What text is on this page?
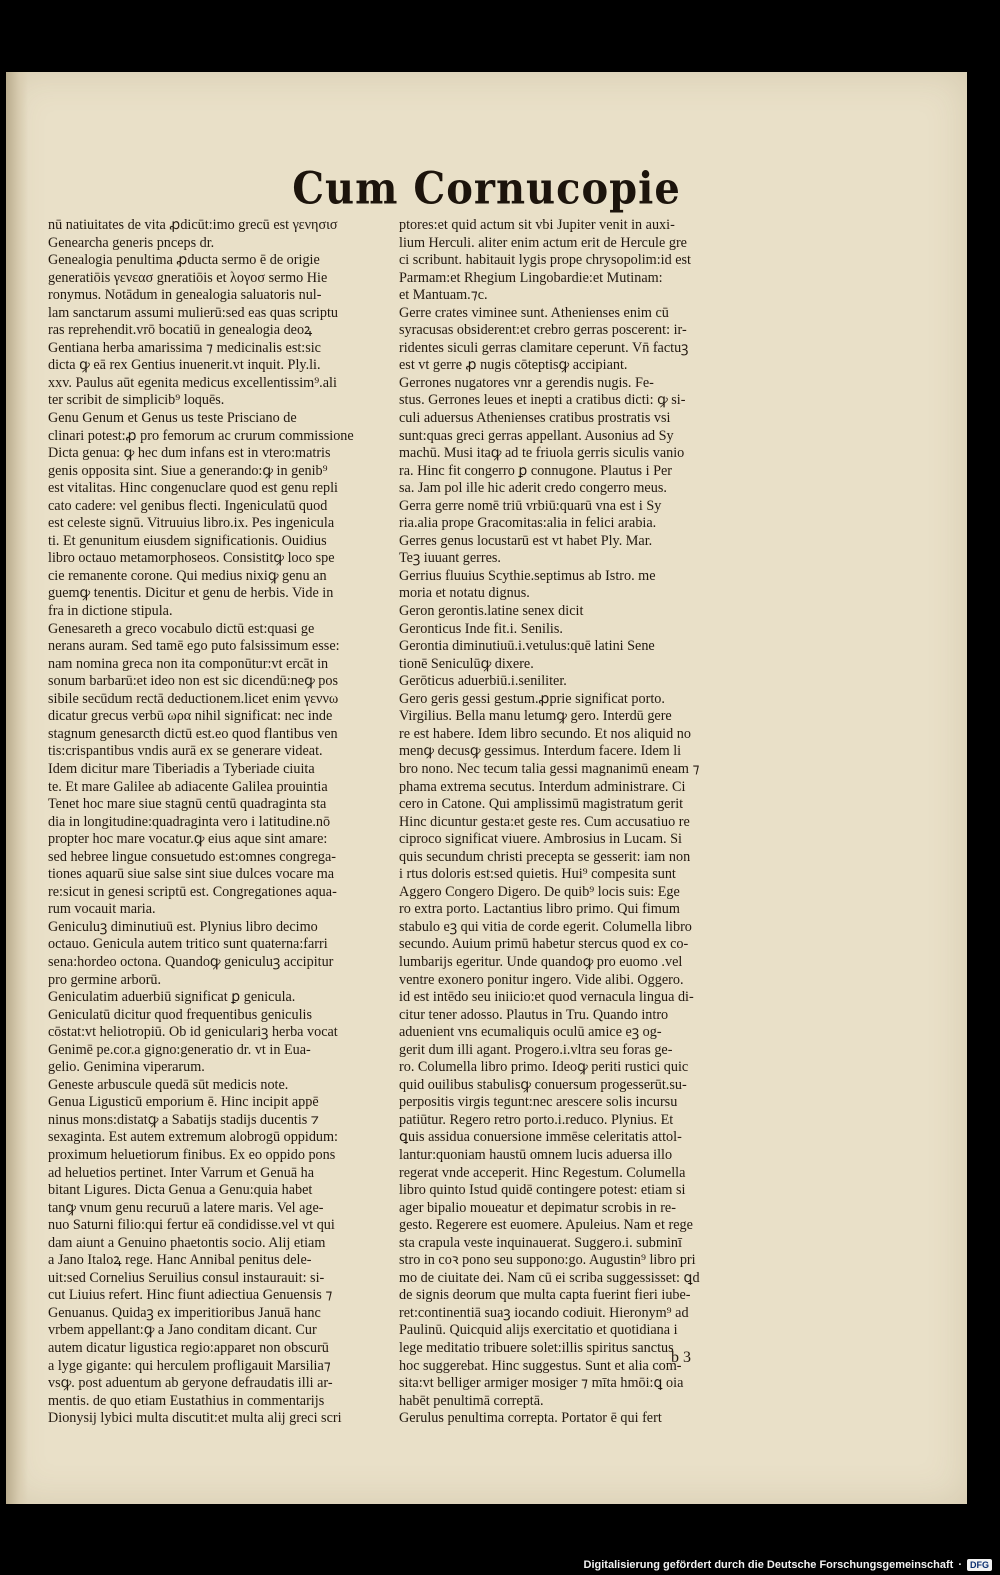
Cum Cornucopie
nū natiuitates de vita ꝓdicūt:imo grecū est γενησισ
Genearcha generis pnceps dr.
Genealogia penultima ꝓducta sermo ē de origie
generatiōis γενεασ gneratiōis et λογοσ sermo Hie
ronymus. Notādum in genealogia saluatoris nul-
lam sanctarum assumi mulierū:sed eas quas scriptu
ras reprehendit.vrō bocatiū in genealogia deoꝝ
Gentiana herba amarissima ⁊ medicinalis est:sic
dicta ꝙ eā rex Gentius inuenerit.vt inquit. Ply.li.
xxv. Paulus aūt egenita medicus excellentissim⁹.ali
ter scribit de simplicib⁹ loquēs.
Genu Genum et Genus us teste Prisciano de
clinari potest:ꝓ pro femorum ac crurum commissione
Dicta genua: ꝙ hec dum infans est in vtero:matris
genis opposita sint. Siue a generando:ꝙ in genib⁹
est vitalitas. Hinc congenuclare quod est genu repli
cato cadere: vel genibus flecti. Ingeniculatū quod
est celeste signū. Vitruuius libro.ix. Pes ingenicula
ti. Et genunitum eiusdem significationis. Ouidius
libro octauo metamorphoseos. Consistitꝙ loco spe
cie remanente corone. Qui medius nixiꝙ genu an
guemꝙ tenentis. Dicitur et genu de herbis. Vide in
fra in dictione stipula.
Genesareth a greco vocabulo dictū est:quasi ge
nerans auram. Sed tamē ego puto falsissimum esse:
nam nomina greca non ita componūtur:vt ercāt in
sonum barbarū:et ideo non est sic dicendū:neꝙ pos
sibile secūdum rectā deductionem.licet enim γεννω
dicatur grecus verbū ωρα nihil significat: nec inde
stagnum genesarcth dictū est.eo quod flantibus ven
tis:crispantibus vndis aurā ex se generare videat.
Idem dicitur mare Tiberiadis a Tyberiade ciuita
te. Et mare Galilee ab adiacente Galilea prouintia
Tenet hoc mare siue stagnū centū quadraginta sta
dia in longitudine:quadraginta vero i latitudine.nō
propter hoc mare vocatur.ꝙ eius aque sint amare:
sed hebree lingue consuetudo est:omnes congrega-
tiones aquarū siue salse sint siue dulces vocare ma
re:sicut in genesi scriptū est. Congregationes aqua-
rum vocauit maria.
Geniculuꝫ diminutiuū est. Plynius libro decimo
octauo. Genicula autem tritico sunt quaterna:farri
sena:hordeo octona. Quandoꝙ geniculuꝫ accipitur
pro germine arborū.
Geniculatim aduerbiū significat ꝑ genicula.
Geniculatū dicitur quod frequentibus geniculis
cōstat:vt heliotropiū. Ob id geniculariꝫ herba vocat
Genimē pe.cor.a gigno:generatio dr. vt in Eua-
gelio. Genimina viperarum.
Geneste arbuscule quedā sūt medicis note.
Genua Ligusticū emporium ē. Hinc incipit appē
ninus mons:distatꝙ a Sabatijs stadijs ducentis ⁊
sexaginta. Est autem extremum alobrogū oppidum:
proximum heluetiorum finibus. Ex eo oppido pons
ad heluetios pertinet. Inter Varrum et Genuā ha
bitant Ligures. Dicta Genua a Genu:quia habet
tanꝙ vnum genu recuruū a latere maris. Vel age-
nuo Saturni filio:qui fertur eā condidisse.vel vt qui
dam aiunt a Genuino phaetontis socio. Alij etiam
a Jano Italoꝝ rege. Hanc Annibal penitus dele-
uit:sed Cornelius Seruilius consul instaurauit: si-
cut Liuius refert. Hinc fiunt adiectiua Genuensis ⁊
Genuanus. Quidaꝫ ex imperitioribus Januā hanc
vrbem appellant:ꝙ a Jano conditam dicant. Cur
autem dicatur ligustica regio:apparet non obscurū
a lyge gigante: qui herculem profligauit Marsilia⁊
vsꝙ. post aduentum ab geryone defraudatis illi ar-
mentis. de quo etiam Eustathius in commentarijs
Dionysij lybici multa discutit:et multa alij greci scri
ptores:et quid actum sit vbi Jupiter venit in auxi-
lium Herculi. aliter enim actum erit de Hercule gre
ci scribunt. habitauit lygis prope chrysopolim:id est
Parmam:et Rhegium Lingobardie:et Mutinam:
et Mantuam.⁊c.
Gerre crates viminee sunt. Athenienses enim cū
syracusas obsiderent:et crebro gerras poscerent: ir-
ridentes siculi gerras clamitare ceperunt. Vn̄ factuꝫ
est vt gerre ꝓ nugis cōteptisꝙ accipiant.
Gerrones nugatores vnr a gerendis nugis. Fe-
stus. Gerrones leues et inepti a cratibus dicti: ꝙ si-
culi aduersus Athenienses cratibus prostratis vsi
sunt:quas greci gerras appellant. Ausonius ad Sy
machū. Musi itaꝙ ad te friuola gerris siculis vanio
ra. Hinc fit congerro ꝑ connugone. Plautus i Per
sa. Jam pol ille hic aderit credo congerro meus.
Gerra gerre nomē triū vrbiū:quarū vna est i Sy
ria.alia prope Gracomitas:alia in felici arabia.
Gerres genus locustarū est vt habet Ply. Mar.
Teꝫ iuuant gerres.
Gerrius fluuius Scythie.septimus ab Istro. me
moria et notatu dignus.
Geron gerontis.latine senex dicit
Geronticus Inde fit.i. Senilis.
Gerontia diminutiuū.i.vetulus:quē latini Sene
tionē Seniculūꝙ dixere.
Gerōticus aduerbiū.i.seniliter.
Gero geris gessi gestum.ꝓprie significat porto.
Virgilius. Bella manu letumꝙ gero. Interdū gere
re est habere. Idem libro secundo. Et nos aliquid no
menꝙ decusꝙ gessimus. Interdum facere. Idem li
bro nono. Nec tecum talia gessi magnanimū eneam ⁊
phama extrema secutus. Interdum administrare. Ci
cero in Catone. Qui amplissimū magistratum gerit
Hinc dicuntur gesta:et geste res. Cum accusatiuo re
ciproco significat viuere. Ambrosius in Lucam. Si
quis secundum christi precepta se gesserit: iam non
i rtus doloris est:sed quietis. Hui⁹ compesita sunt
Aggero Congero Digero. De quib⁹ locis suis: Ege
ro extra porto. Lactantius libro primo. Qui fimum
stabulo eꝫ qui vitia de corde egerit. Columella libro
secundo. Auium primū habetur stercus quod ex co-
lumbarijs egeritur. Unde quandoꝙ pro euomo .vel
ventre exonero ponitur ingero. Vide alibi. Oggero.
id est intēdo seu iniicio:et quod vernacula lingua di-
citur tener adosso. Plautus in Tru. Quando intro
aduenient vns ecumaliquis oculū amice eꝫ og-
gerit dum illi agant. Progero.i.vltra seu foras ge-
ro. Columella libro primo. Ideoꝙ periti rustici quic
quid ouilibus stabulisꝙ conuersum progesserūt.su-
perpositis virgis tegunt:nec arescere solis incursu
patiūtur. Regero retro porto.i.reduco. Plynius. Et
ꝗuis assidua conuersione immēse celeritatis attol-
lantur:quoniam haustū omnem lucis aduersa illo
regerat vnde acceperit. Hinc Regestum. Columella
libro quinto Istud quidē contingere potest: etiam si
ager bipalio moueatur et depimatur scrobis in re-
gesto. Regerere est euomere. Apuleius. Nam et rege
sta crapula veste inquinauerat. Suggero.i. subminī
stro in coꝛ pono seu suppono:go. Augustin⁹ libro pri
mo de ciuitate dei. Nam cū ei scriba suggessisset: ꝗd
de signis deorum que multa capta fuerint fieri iube-
ret:continentiā suaꝫ iocando codiuit. Hieronym⁹ ad
Paulinū. Quicquid alijs exercitatio et quotidiana i
lege meditatio tribuere solet:illis spiritus sanctus
hoc suggerebat. Hinc suggestus. Sunt et alia com-
sita:vt belliger armiger mosiger ⁊ mīta hmōi:ꝗ oia
habēt penultimā correptā.
Gerulus penultima correpta. Portator ē qui fert
b 3
Digitalisierung gefördert durch die Deutsche Forschungsgemeinschaft · DFG
